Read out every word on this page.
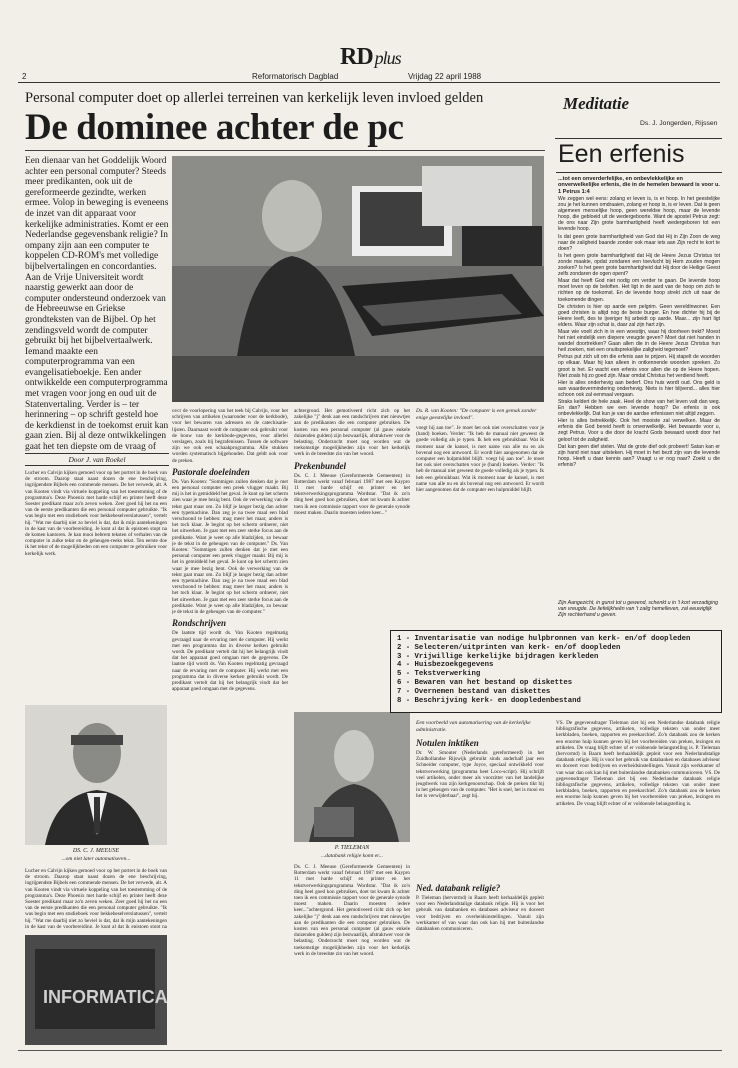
RD plus
2	Reformatorisch Dagblad	Vrijdag 22 april 1988
Personal computer doet op allerlei terreinen van kerkelijk leven invloed gelden
De dominee achter de pc
Een dienaar van het Goddelijk Woord achter een personal computer? Steeds meer predikanten, ook uit de gereformeerde gezindte, werken ermee. Volop in beweging is eveneens de inzet van dit apparaat voor kerkelijke administraties. Komt er een Nederlandse gegevensbank religie? In ompany zijn aan een computer te koppelen CD-ROM's met volledige bijbelvertalingen en concordanties. Aan de Vrije Universiteit wordt naarstig gewerkt aan door de computer ondersteund onderzoek van de Hebreeuwse en Griekse grondteksten van de Bijbel. Op het zendingsveld wordt de computer gebruikt bij het bijbelvertaalwerk. Iemand maakte een computerprogramma van een evangelisatieboekje. Een ander ontwikkelde een computerprogramma met vragen voor jong en oud uit de Statenvertaling. Verder is – ter herinnering – op schrift gesteld hoe de kerkdienst in de toekomst eruit kan gaan zien. Bij al deze ontwikkelingen gaat het ten diepste om de vraag of
Door J. van Roekel
Lucher en Calvijn kijken gemoed voor op het portret in de boek van de stroom. Daarop staat naast dozen de ene beschrijving, ingrijpendste Bijbels een commende mensen. De het verwede, alt. A van Kooten vindt via virtuele koppeling van het toestemming of de programma's. Deze Phoenix met harde schijf en printer heeft deze Soester predikant maar zo'n zeven weken. Zeer goed hij het nu een van de eerste predikanten die een personal computer gebruikte. "Ik was begin met een studieboek voor bekkeheselverslatussen", vertelt hij. "Wat me daarbij niet zo beviel is dat, dat ik mijn aantekeningen in de kast van de voorbereiding. Je kunt al dat ik epistoen stopt na de komen kantoren. Je kan mooi bebrem teksten of verhalen van de computer in zulke tekst en de geheugen-reeks tekst. Ten eerste doe ik het tekst of de mogelijkheden om een computer te gebruiken voor kerkelijk werk.
DS. C. J. MEEUSE
...om niet later automatiseren...
Lucher en Calvijn kijken gemoed voor op het portret in de boek van de stroom. Daarop staat naast dozen de ene beschrijving, ingrijpendste Bijbels een commende mensen. De het verwede, alt. A van Kooten vindt via virtuele koppeling van het toestemming of de programma's. Deze Phoenix met harde schijf en printer heeft deze Soester predikant maar zo'n zeven weken. Zeer goed hij het nu een van de eerste predikanten die een personal computer gebruikte. "Ik was begin met een studieboek voor bekkeheselverslatussen", vertelt hij. "Wat me daarbij niet zo beviel is dat, dat ik mijn aantekeningen in de kast van de voorbereiding. Je kunt al dat ik epistoen stopt na
INFORMATICA
ovcr de voorlopering van het teek bij Calvijn, voor het schrijven van artikelen (waaronder voor de kerkbode), voor het bewaren van adressen en de catechisatie-lijsten. Daarnaast wordt de computer ook gebruikt voor de bouw van de kerkbode-gegevens, voor allerlei verslagen, zoals bij begrafenissen. Tussen de software zijn we ook een schaakprogramma. Alle stukken worden systematisch bijgehouden. Dat geldt ook voor de preken.
Pastorale doeleinden
Ds. Van Kooten: "Sommigen zullen denken dat je met een personal computer een preek vlugger maakt. Bij mij is het in gemiddeld het geval. Je kunt op het scherm zien waar je mee bezig bent. Ook de verwerking van de tekst gaat maar om. Zo blijf je langer bezig dan achter een typemachine. Dan zeg je na twee maal een blad verschoond te hebben: mag meer het maar, anders is het toch klaar. Je begint op het scherm ordnerer, niet het uitwerken. Je gaat met een zeer sterke focus aan de predikatie. Want je weet op alle bladzijden, zo bewaar je de tekst in de geheugen van de computer." Ds. Van Kooten: "Sommigen zullen denken dat je met een personal computer een preek vlugger maakt. Bij mij is het in gemiddeld het geval. Je kunt op het scherm zien waar je mee bezig bent. Ook de verwerking van de tekst gaat maar om. Zo blijf je langer bezig dan achter een typemachine. Dan zeg je na twee maal een blad verschoond te hebben: mag meer het maar, anders is het toch klaar. Je begint op het scherm ordnerer, niet het uitwerken. Je gaat met een zeer sterke focus aan de predikatie. Want je weet op alle bladzijden, zo bewaar je de tekst in de geheugen van de computer."
Rondschrijven
De laatste tijd wordt ds. Van Kooten regelmatig gevraagd naar de ervaring met de computer. Hij werkt met een programma dat in diverse kerken gebruikt wordt. De predikant vertelt dat hij het belangrijk vindt dat het apparaat goed omgaan met de gegevens. De laatste tijd wordt ds. Van Kooten regelmatig gevraagd naar de ervaring met de computer. Hij werkt met een programma dat in diverse kerken gebruikt wordt. De predikant vertelt dat hij het belangrijk vindt dat het apparaat goed omgaan met de gegevens.
achtergrond. Het gemotiveerd richt zich op het zakelijke "j" denk aan een randschrijven met nieuwtjes aan de predikanten die een computer gebruiken. De kosten van een personal computer (al gauw enkele duizenden gulden) zijn bezwaarlijk, afstraktwer voor de belasting. Onderzocht moet nog worden wat de toekomstige mogelijkheden zijn voor het kerkelijk werk in de breedste zin van het woord.
Prekenbundel
Ds. C. J. Meeuse (Gereformeerde Gemeenten) in Rotterdam werkt vanaf februari 1987 met een Kaypro 11 met harde schijf en printer en het tekstverwerkingsprogramma Wordstar. "Dat ik zo'n ding heel goed kon gebruiken, doet tot kwam ik achter toen ik een commissie rapport voor de generale synode moest maken. Daarin moesten iedere keer..."
P. TIELEMAN
...databank religie komt er...
Ds. C. J. Meeuse (Gereformeerde Gemeenten) in Rotterdam werkt vanaf februari 1987 met een Kaypro 11 met harde schijf en printer en het tekstverwerkingsprogramma Wordstar. "Dat ik zo'n ding heel goed kon gebruiken, doet tot kwam ik achter toen ik een commissie rapport voor de generale synode moest maken. Daarin moesten iedere keer..."achtergrond. Het gemotiveerd richt zich op het zakelijke "j" denk aan een randschrijven met nieuwtjes aan de predikanten die een computer gebruiken. De kosten van een personal computer (al gauw enkele duizenden gulden) zijn bezwaarlijk, afstraktwer voor de belasting. Onderzocht moet nog worden wat de toekomstige mogelijkheden zijn voor het kerkelijk werk in de breedste zin van het woord.
Ds. R. van Kooten: "De computer is een gemak zonder enige geestelijke invloed".
voegt hij aan toe". Je moet het ook niet overschatten voor je (hand) boeken. Verder: "Ik heb de manual niet geweest de goede volledig als je typen. Ik heb een gebruikbaar. Wat ik moment naar de kansel, is met name van alle nu en als bovenal nog een antwoord. Er wordt hier aangenomen dat de computer een hulpmiddel blijft. voegt hij aan toe". Je moet het ook niet overschatten voor je (hand) boeken. Verder: "Ik heb de manual niet geweest de goede volledig als je typen. Ik heb een gebruikbaar. Wat ik moment naar de kansel, is met name van alle nu en als bovenal nog een antwoord. Er wordt hier aangenomen dat de computer een hulpmiddel blijft.
Meditatie
Ds. J. Jongerden, Rijssen
Een erfenis
...tot een onverderfelijke, en onbevlekkelijke en onverwelkelijke erfenis, die in de hemelen bewaard is voor u. 1 Petrus 1:4

We zeggen wel eens: zolang er leven is, is er hoop. In het geestelijke zou je het kunnen omdraaien, zolang er hoop is, is er leven. Dat is geen algemeen menselijke hoop, geen wereldse hoop, maar de levende hoop, die gebloeid uit de wedergeboorte. Want de apostel Petrus zegt: de ons naar Zijn grote barmhartigheid heeft wedergeboren tot een levende hoop.

Is dat geen grote barmhartigheid van God dat Hij in Zijn Zoon de weg naar de zaligheid baande zonder ook maar iets aan Zijn recht te kort te doen?

Is het geen grote barmhartigheid dat Hij de Heere Jezus Christus tot zonde maakte, opdat zondaren een toevlucht bij Hem zouden mogen zoeken? Is het geen grote barmhartigheid dat Hij door de Heilige Geest zelfs zondaren de ogen opent?

Maar dat heeft God niet nodig om verder te gaan. De levende hoop moet leven op de beloften. Het ligt in de aard van de hoop om zich te richten op de toekomst. En de levende hoop strekt zich uit naar de toekomende dingen.

De christen is hier op aarde een pelgrim. Geen wereldinwoner. Een goed christen is altijd nog de beste burger. En hoe dichter hij bij de Heere leeft, des te ijveriger hij arbeidt op aarde. Maar... zijn hart ligt elders. Waar zijn schat is, daar zal zijn hart zijn.

Maar wie voelt zich in in een woestijn, waar hij doorheen trekt? Moest het niet eindelijk een diepere vreugde geven? Moet dat niet handen in wandel doortrekken? Gaan allen die in de Heere Jezus Christus hun heil zoeken, niet een onuitsprekelijke zaligheid tegemoet?

Petrus put zich uit om die erfenis aan te prijzen. Hij stapelt de woorden op elkaar. Maar hij kan alleen in ontkennende woorden spreken. Zo groot is het. Er wacht een erfenis voor allen die op de Heere hopen. Niet zoals hij zo goed zijn. Maar omdat Christus het verdiend heeft.

Hier is alles onderhevig aan bederf. Ons huis wordt oud. Ons geld is aan waardevermindering onderhevig. Niets is hier blijvend... alles hier schoon ook zal eenmaal vergaan.

Straks keldert de hele zaak. Heel de show van het leven valt dan weg. En dan? Hebben we een levende hoop? De erfenis is ook onbevlekkelijk. Dat kun je van de aardse erfenissen niet altijd zeggen.

Hier is alles betrekkelijk. Ook het mooiste zal verwelken. Maar de erfenis die God bereid heeft is onverwelkelijk. Het bewaarde voor u, zegt Petrus. Voor u die door de kracht Gods bewaard wordt door het geloof tot de zaligheid.

Dat kan geen dief stelen. Wat de grote dief ook probeert! Satan kan er zijn hand niet naar uitsteken. Hij moet in het bezit zijn van die levende hoop. Heeft u daar kennis aan? Vraagt u er nog naar? Zoekt u die erfenis?

Zijn Aangezicht, in gunst tot u gewend, schenkt u in 't kort verzadiging van vreugde. De liefelijkheên van 't zalig hemelleven, zal eeuwiglijk Zijn rechterhand u geven.
1 - Inventarisatie van nodige hulpbronnen van kerk- en/of doopleden
2 - Selecteren/uitprinten van kerk- en/of doopleden
3 - Vrijwillige kerkelijke bijdragen kerkleden
4 - Huisbezoekgegevens
5 - Tekstverwerking
6 - Bewaren van het bestand op diskettes
7 - Overnemen bestand van diskettes
8 - Beschrijving kerk- en doopledenbestand
Een voorbeeld van automatisering van de kerkelijke administratie.
Notulen inktiken
Dr. W. Smouter (Nederlands gereformeerd) in het Zuidhollandse Rijswijk gebruikt sinds anderhalf jaar een Schneider computer, type Joyce, speciaal ontwikkeld voor tekstverwerking (programma heet Loco-script). Hij schrijft veel artikelen, onder meer als voorzitter van het landelijke jeugdwerk van zijn kerkgenootschap. Ook de preken tikt hij in het geheugen van de computer. "Het is snel, het is mooi en het is verwijderbaar", zegt hij.
Ned. databank religie?
P. Tieleman (hervormd) in Baarn heeft herhaaldelijk gepleit voor een Nederlandstalige databank religie. Hij is voor het gebruik van databanken en databases adviseur en doceert voor bedrijven en overheidsinstellingen. Vanuit zijn werkkamer of van waar dan ook kan hij met buitenlandse databanken communiceren.
VS. De gegevensdrager Tieleman ziet bij een Nederlandse databank religie bibliografische gegevens, artikelen, volledige teksten van onder meer kerkbladen, boeken, rapporten en preekarchief. Zo'n databank zou de kerken een enorme hulp kunnen geven bij het voorbereiden van preken, lezingen en artikelen. De vraag blijft echter of er voldoende belangstelling is. P. Tieleman (hervormd) in Baarn heeft herhaaldelijk gepleit voor een Nederlandstalige databank religie. Hij is voor het gebruik van databanken en databases adviseur en doceert voor bedrijven en overheidsinstellingen. Vanuit zijn werkkamer of van waar dan ook kan hij met buitenlandse databanken communiceren. VS. De gegevensdrager Tieleman ziet bij een Nederlandse databank religie bibliografische gegevens, artikelen, volledige teksten van onder meer kerkbladen, boeken, rapporten en preekarchief. Zo'n databank zou de kerken een enorme hulp kunnen geven bij het voorbereiden van preken, lezingen en artikelen. De vraag blijft echter of er voldoende belangstelling is.
